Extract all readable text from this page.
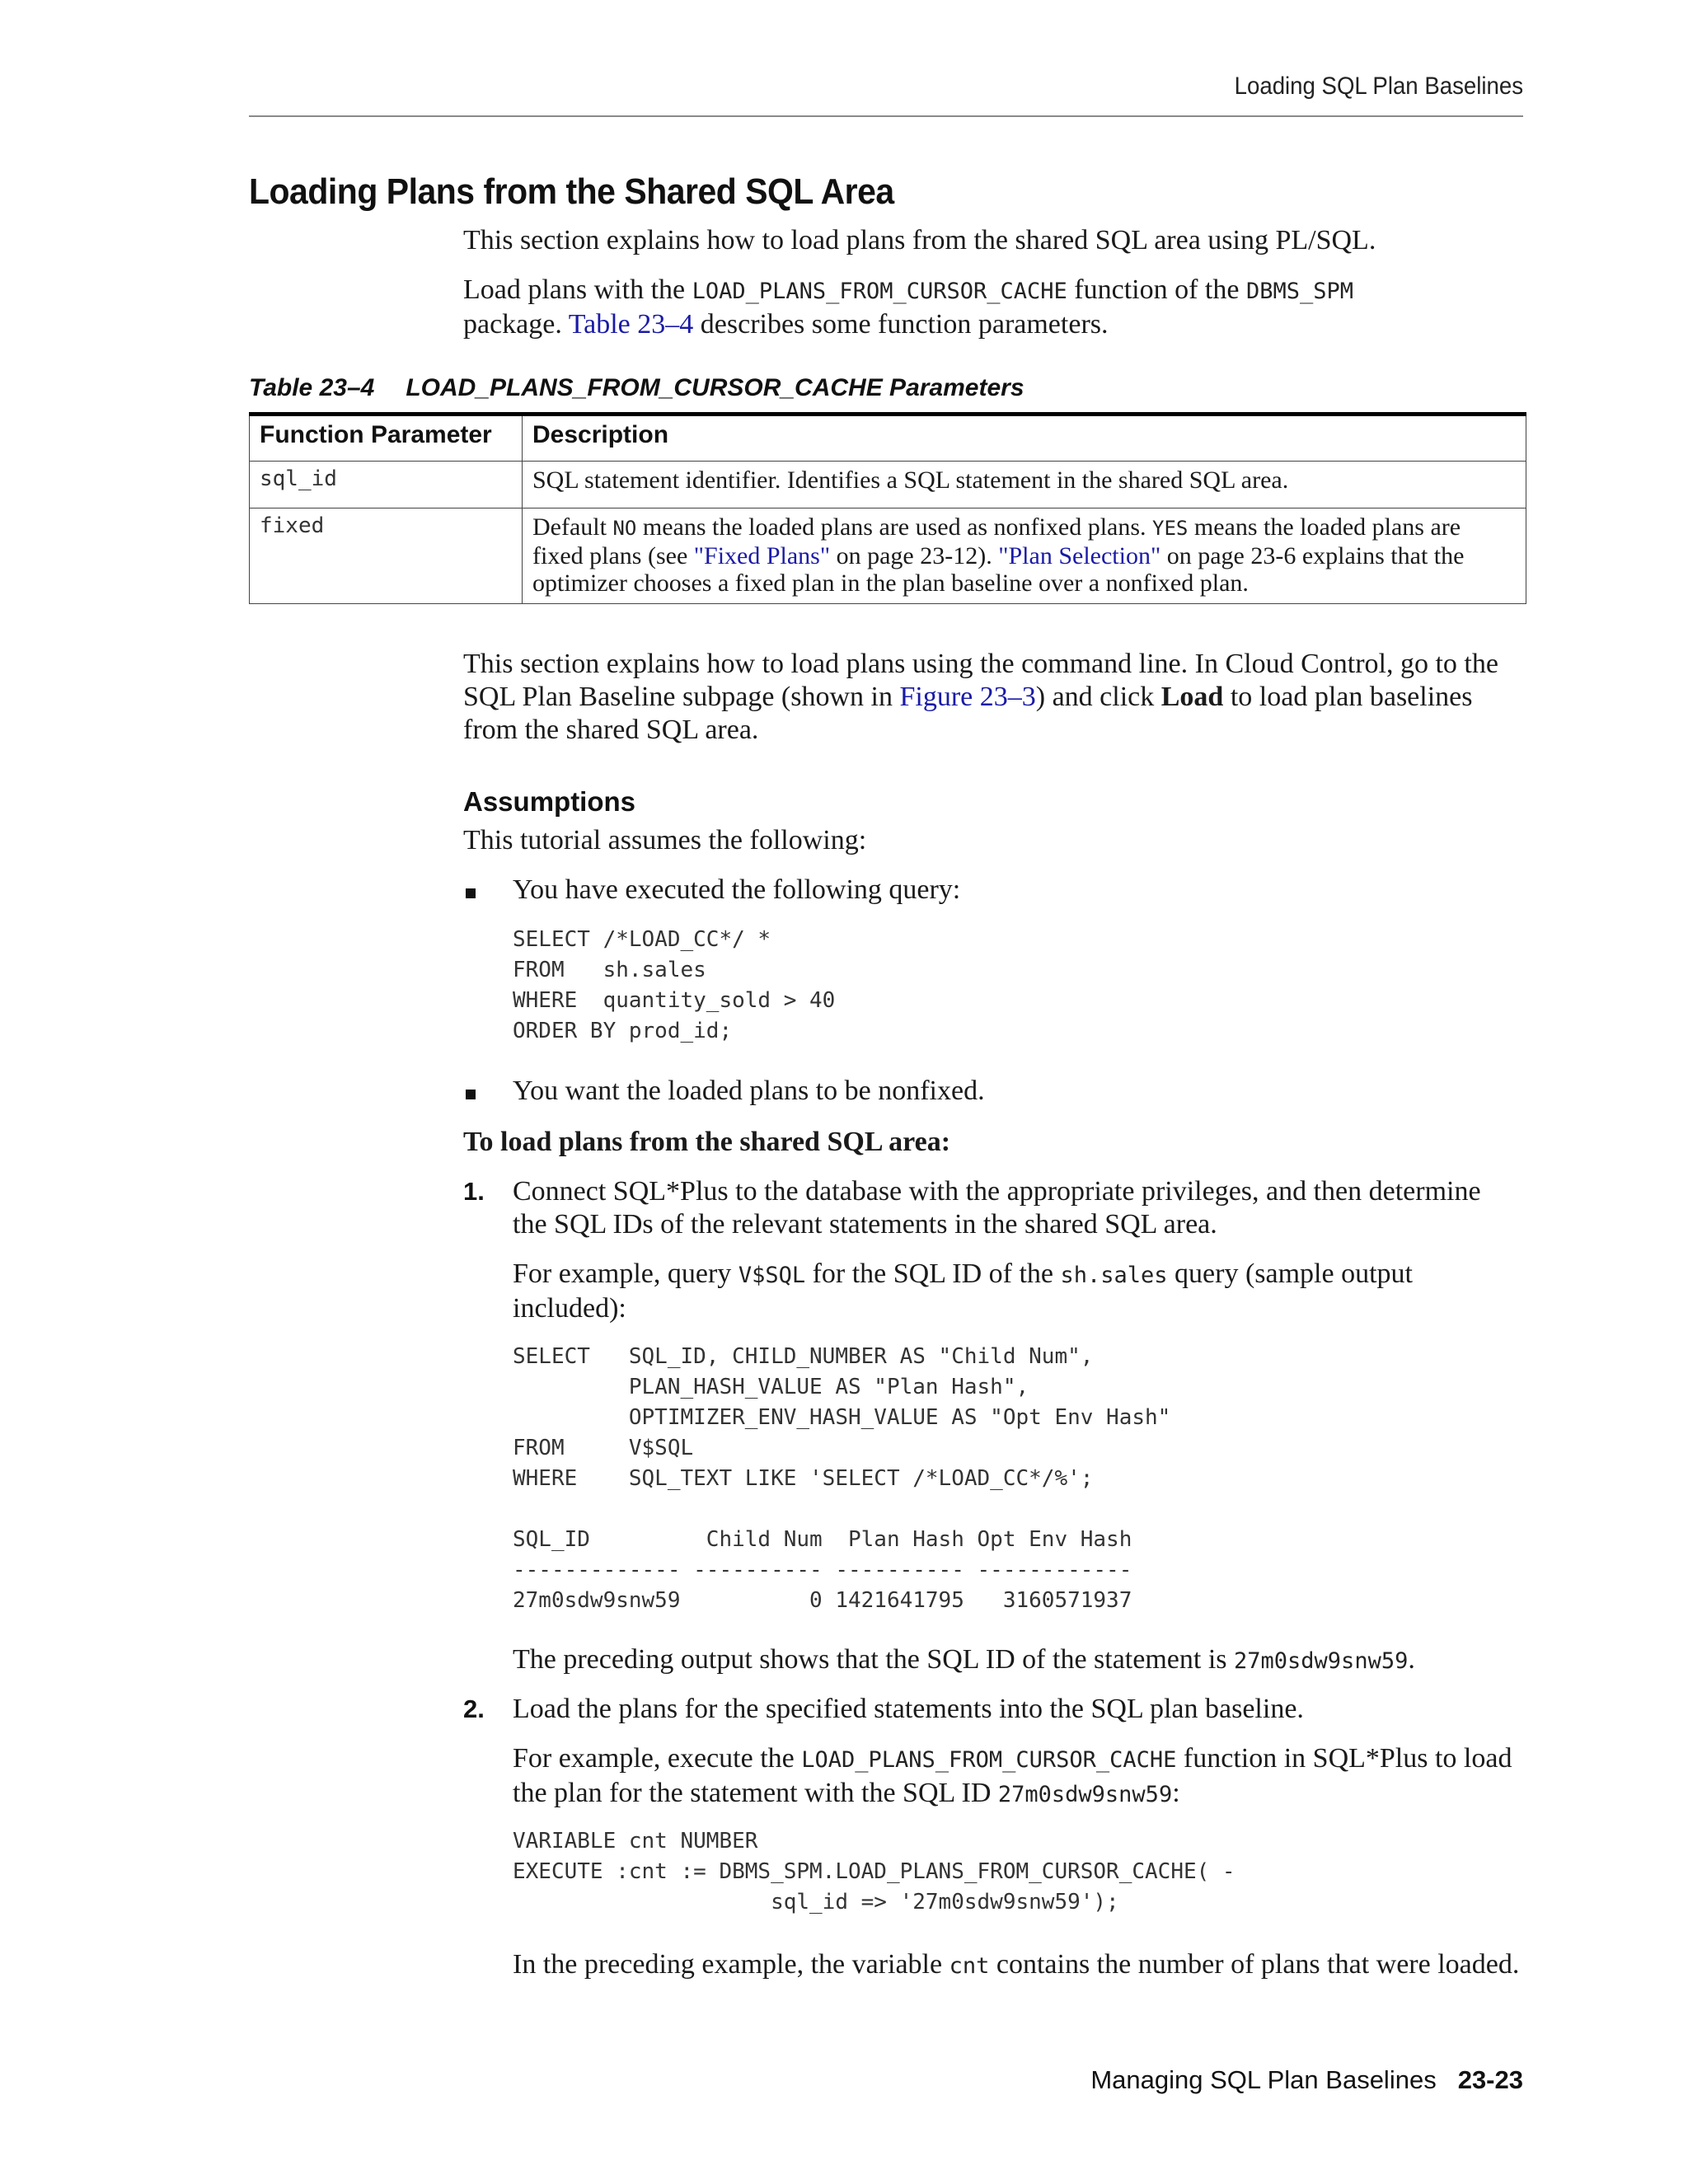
Loading SQL Plan Baselines
Loading Plans from the Shared SQL Area
This section explains how to load plans from the shared SQL area using PL/SQL.
Load plans with the LOAD_PLANS_FROM_CURSOR_CACHE function of the DBMS_SPM
package. Table 23–4 describes some function parameters.
Table 23–4 LOAD_PLANS_FROM_CURSOR_CACHE Parameters
Function Parameter	Description
sql_id	SQL statement identifier. Identifies a SQL statement in the shared SQL area.
fixed	Default NO means the loaded plans are used as nonfixed plans. YES means the loaded plans are fixed plans (see "Fixed Plans" on page 23-12). "Plan Selection" on page 23-6 explains that the optimizer chooses a fixed plan in the plan baseline over a nonfixed plan.
This section explains how to load plans using the command line. In Cloud Control, go to the SQL Plan Baseline subpage (shown in Figure 23–3) and click Load to load plan baselines from the shared SQL area.
Assumptions
This tutorial assumes the following:
You have executed the following query:
SELECT /*LOAD_CC*/ *
FROM   sh.sales
WHERE  quantity_sold > 40
ORDER BY prod_id;
You want the loaded plans to be nonfixed.
To load plans from the shared SQL area:
1. Connect SQL*Plus to the database with the appropriate privileges, and then determine the SQL IDs of the relevant statements in the shared SQL area.
For example, query V$SQL for the SQL ID of the sh.sales query (sample output included):
SELECT   SQL_ID, CHILD_NUMBER AS "Child Num",
PLAN_HASH_VALUE AS "Plan Hash",
OPTIMIZER_ENV_HASH_VALUE AS "Opt Env Hash"
FROM     V$SQL
WHERE    SQL_TEXT LIKE 'SELECT /*LOAD_CC*/%';

SQL_ID         Child Num  Plan Hash Opt Env Hash
------------- ---------- ---------- ------------
27m0sdw9snw59          0 1421641795   3160571937
The preceding output shows that the SQL ID of the statement is 27m0sdw9snw59.
2. Load the plans for the specified statements into the SQL plan baseline.
For example, execute the LOAD_PLANS_FROM_CURSOR_CACHE function in SQL*Plus to load the plan for the statement with the SQL ID 27m0sdw9snw59:
VARIABLE cnt NUMBER
EXECUTE :cnt := DBMS_SPM.LOAD_PLANS_FROM_CURSOR_CACHE( -
sql_id => '27m0sdw9snw59');
In the preceding example, the variable cnt contains the number of plans that were loaded.
Managing SQL Plan Baselines 23-23
